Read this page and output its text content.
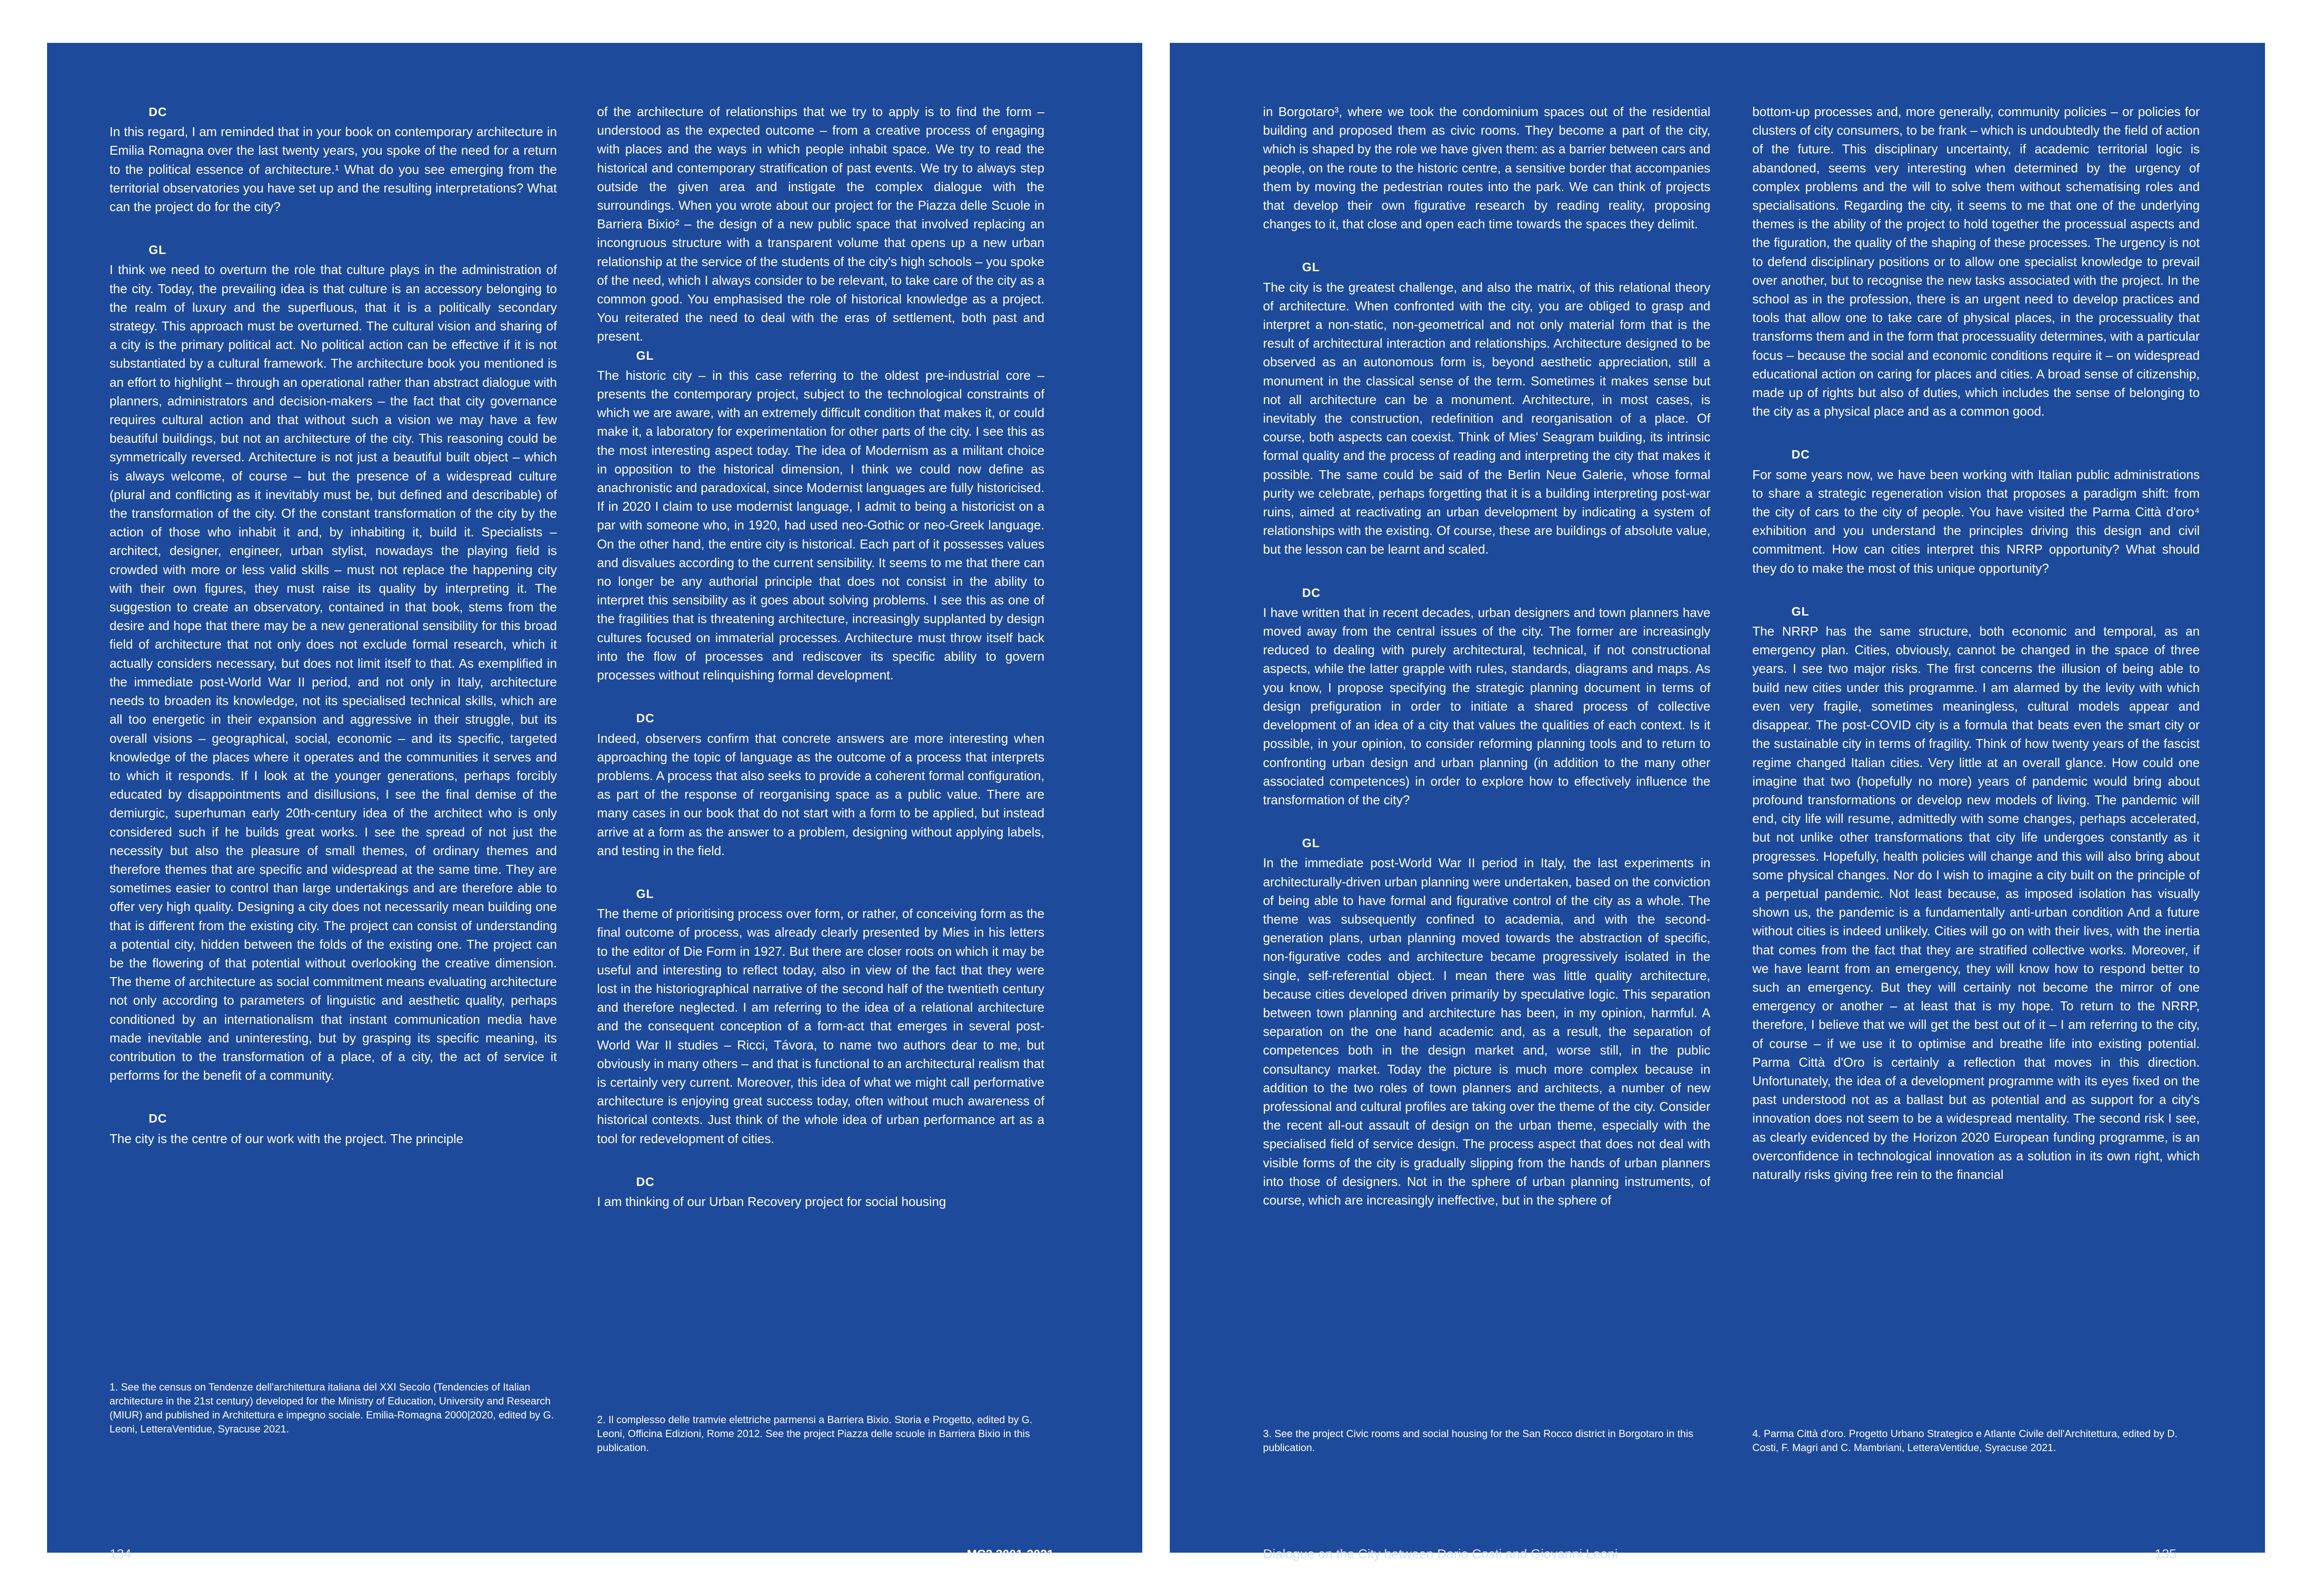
DC

In this regard, I am reminded that in your book on contemporary architecture in Emilia Romagna over the last twenty years, you spoke of the need for a return to the political essence of architecture.¹ What do you see emerging from the territorial observatories you have set up and the resulting interpretations? What can the project do for the city?

GL

I think we need to overturn the role that culture plays in the administration of the city. Today, the prevailing idea is that culture is an accessory belonging to the realm of luxury and the superfluous, that it is a politically secondary strategy. This approach must be overturned. The cultural vision and sharing of a city is the primary political act. No political action can be effective if it is not substantiated by a cultural framework. The architecture book you mentioned is an effort to highlight – through an operational rather than abstract dialogue with planners, administrators and decision-makers – the fact that city governance requires cultural action and that without such a vision we may have a few beautiful buildings, but not an architecture of the city. This reasoning could be symmetrically reversed. Architecture is not just a beautiful built object – which is always welcome, of course – but the presence of a widespread culture (plural and conflicting as it inevitably must be, but defined and describable) of the transformation of the city. Of the constant transformation of the city by the action of those who inhabit it and, by inhabiting it, build it. Specialists – architect, designer, engineer, urban stylist, nowadays the playing field is crowded with more or less valid skills – must not replace the happening city with their own figures, they must raise its quality by interpreting it. The suggestion to create an observatory, contained in that book, stems from the desire and hope that there may be a new generational sensibility for this broad field of architecture that not only does not exclude formal research, which it actually considers necessary, but does not limit itself to that. As exemplified in the immediate post-World War II period, and not only in Italy, architecture needs to broaden its knowledge, not its specialised technical skills, which are all too energetic in their expansion and aggressive in their struggle, but its overall visions – geographical, social, economic – and its specific, targeted knowledge of the places where it operates and the communities it serves and to which it responds. If I look at the younger generations, perhaps forcibly educated by disappointments and disillusions, I see the final demise of the demiurgic, superhuman early 20th-century idea of the architect who is only considered such if he builds great works. I see the spread of not just the necessity but also the pleasure of small themes, of ordinary themes and therefore themes that are specific and widespread at the same time. They are sometimes easier to control than large undertakings and are therefore able to offer very high quality. Designing a city does not necessarily mean building one that is different from the existing city. The project can consist of understanding a potential city, hidden between the folds of the existing one. The project can be the flowering of that potential without overlooking the creative dimension. The theme of architecture as social commitment means evaluating architecture not only according to parameters of linguistic and aesthetic quality, perhaps conditioned by an internationalism that instant communication media have made inevitable and uninteresting, but by grasping its specific meaning, its contribution to the transformation of a place, of a city, the act of service it performs for the benefit of a community.

DC

The city is the centre of our work with the project. The principle

of the architecture of relationships that we try to apply is to find the form – understood as the expected outcome – from a creative process of engaging with places and the ways in which people inhabit space. We try to read the historical and contemporary stratification of past events. We try to always step outside the given area and instigate the complex dialogue with the surroundings. When you wrote about our project for the Piazza delle Scuole in Barriera Bixio² – the design of a new public space that involved replacing an incongruous structure with a transparent volume that opens up a new urban relationship at the service of the students of the city's high schools – you spoke of the need, which I always consider to be relevant, to take care of the city as a common good. You emphasised the role of historical knowledge as a project. You reiterated the need to deal with the eras of settlement, both past and present.

GL

The historic city – in this case referring to the oldest pre-industrial core – presents the contemporary project, subject to the technological constraints of which we are aware, with an extremely difficult condition that makes it, or could make it, a laboratory for experimentation for other parts of the city. I see this as the most interesting aspect today. The idea of Modernism as a militant choice in opposition to the historical dimension, I think we could now define as anachronistic and paradoxical, since Modernist languages are fully historicised. If in 2020 I claim to use modernist language, I admit to being a historicist on a par with someone who, in 1920, had used neo-Gothic or neo-Greek language. On the other hand, the entire city is historical. Each part of it possesses values and disvalues according to the current sensibility. It seems to me that there can no longer be any authorial principle that does not consist in the ability to interpret this sensibility as it goes about solving problems. I see this as one of the fragilities that is threatening architecture, increasingly supplanted by design cultures focused on immaterial processes. Architecture must throw itself back into the flow of processes and rediscover its specific ability to govern processes without relinquishing formal development.

DC

Indeed, observers confirm that concrete answers are more interesting when approaching the topic of language as the outcome of a process that interprets problems. A process that also seeks to provide a coherent formal configuration, as part of the response of reorganising space as a public value. There are many cases in our book that do not start with a form to be applied, but instead arrive at a form as the answer to a problem, designing without applying labels, and testing in the field.

GL

The theme of prioritising process over form, or rather, of conceiving form as the final outcome of process, was already clearly presented by Mies in his letters to the editor of Die Form in 1927. But there are closer roots on which it may be useful and interesting to reflect today, also in view of the fact that they were lost in the historiographical narrative of the second half of the twentieth century and therefore neglected. I am referring to the idea of a relational architecture and the consequent conception of a form-act that emerges in several post-World War II studies – Ricci, Távora, to name two authors dear to me, but obviously in many others – and that is functional to an architectural realism that is certainly very current. Moreover, this idea of what we might call performative architecture is enjoying great success today, often without much awareness of historical contexts. Just think of the whole idea of urban performance art as a tool for redevelopment of cities.

DC

I am thinking of our Urban Recovery project for social housing

1. See the census on Tendenze dell'architettura italiana del XXI Secolo (Tendencies of Italian architecture in the 21st century) developed for the Ministry of Education, University and Research (MIUR) and published in Architettura e impegno sociale. Emilia-Romagna 2000|2020, edited by G. Leoni, LetteraVentidue, Syracuse 2021.
2. Il complesso delle tramvie elettriche parmensi a Barriera Bixio. Storia e Progetto, edited by G. Leoni, Officina Edizioni, Rome 2012. See the project Piazza delle scuole in Barriera Bixio in this publication.
134	MC2 2001-2021

in Borgotaro³, where we took the condominium spaces out of the residential building and proposed them as civic rooms. They become a part of the city, which is shaped by the role we have given them: as a barrier between cars and people, on the route to the historic centre, a sensitive border that accompanies them by moving the pedestrian routes into the park. We can think of projects that develop their own figurative research by reading reality, proposing changes to it, that close and open each time towards the spaces they delimit.

GL

The city is the greatest challenge, and also the matrix, of this relational theory of architecture. When confronted with the city, you are obliged to grasp and interpret a non-static, non-geometrical and not only material form that is the result of architectural interaction and relationships. Architecture designed to be observed as an autonomous form is, beyond aesthetic appreciation, still a monument in the classical sense of the term. Sometimes it makes sense but not all architecture can be a monument. Architecture, in most cases, is inevitably the construction, redefinition and reorganisation of a place. Of course, both aspects can coexist. Think of Mies' Seagram building, its intrinsic formal quality and the process of reading and interpreting the city that makes it possible. The same could be said of the Berlin Neue Galerie, whose formal purity we celebrate, perhaps forgetting that it is a building interpreting post-war ruins, aimed at reactivating an urban development by indicating a system of relationships with the existing. Of course, these are buildings of absolute value, but the lesson can be learnt and scaled.

DC

I have written that in recent decades, urban designers and town planners have moved away from the central issues of the city. The former are increasingly reduced to dealing with purely architectural, technical, if not constructional aspects, while the latter grapple with rules, standards, diagrams and maps. As you know, I propose specifying the strategic planning document in terms of design prefiguration in order to initiate a shared process of collective development of an idea of a city that values the qualities of each context. Is it possible, in your opinion, to consider reforming planning tools and to return to confronting urban design and urban planning (in addition to the many other associated competences) in order to explore how to effectively influence the transformation of the city?

GL

In the immediate post-World War II period in Italy, the last experiments in architecturally-driven urban planning were undertaken, based on the conviction of being able to have formal and figurative control of the city as a whole. The theme was subsequently confined to academia, and with the second-generation plans, urban planning moved towards the abstraction of specific, non-figurative codes and architecture became progressively isolated in the single, self-referential object. I mean there was little quality architecture, because cities developed driven primarily by speculative logic. This separation between town planning and architecture has been, in my opinion, harmful. A separation on the one hand academic and, as a result, the separation of competences both in the design market and, worse still, in the public consultancy market. Today the picture is much more complex because in addition to the two roles of town planners and architects, a number of new professional and cultural profiles are taking over the theme of the city. Consider the recent all-out assault of design on the urban theme, especially with the specialised field of service design. The process aspect that does not deal with visible forms of the city is gradually slipping from the hands of urban planners into those of designers. Not in the sphere of urban planning instruments, of course, which are increasingly ineffective, but in the sphere of

bottom-up processes and, more generally, community policies – or policies for clusters of city consumers, to be frank – which is undoubtedly the field of action of the future. This disciplinary uncertainty, if academic territorial logic is abandoned, seems very interesting when determined by the urgency of complex problems and the will to solve them without schematising roles and specialisations. Regarding the city, it seems to me that one of the underlying themes is the ability of the project to hold together the processual aspects and the figuration, the quality of the shaping of these processes. The urgency is not to defend disciplinary positions or to allow one specialist knowledge to prevail over another, but to recognise the new tasks associated with the project. In the school as in the profession, there is an urgent need to develop practices and tools that allow one to take care of physical places, in the processuality that transforms them and in the form that processuality determines, with a particular focus – because the social and economic conditions require it – on widespread educational action on caring for places and cities. A broad sense of citizenship, made up of rights but also of duties, which includes the sense of belonging to the city as a physical place and as a common good.

DC

For some years now, we have been working with Italian public administrations to share a strategic regeneration vision that proposes a paradigm shift: from the city of cars to the city of people. You have visited the Parma Città d'oro⁴ exhibition and you understand the principles driving this design and civil commitment. How can cities interpret this NRRP opportunity? What should they do to make the most of this unique opportunity?

GL

The NRRP has the same structure, both economic and temporal, as an emergency plan. Cities, obviously, cannot be changed in the space of three years. I see two major risks. The first concerns the illusion of being able to build new cities under this programme. I am alarmed by the levity with which even very fragile, sometimes meaningless, cultural models appear and disappear. The post-COVID city is a formula that beats even the smart city or the sustainable city in terms of fragility. Think of how twenty years of the fascist regime changed Italian cities. Very little at an overall glance. How could one imagine that two (hopefully no more) years of pandemic would bring about profound transformations or develop new models of living. The pandemic will end, city life will resume, admittedly with some changes, perhaps accelerated, but not unlike other transformations that city life undergoes constantly as it progresses. Hopefully, health policies will change and this will also bring about some physical changes. Nor do I wish to imagine a city built on the principle of a perpetual pandemic. Not least because, as imposed isolation has visually shown us, the pandemic is a fundamentally anti-urban condition And a future without cities is indeed unlikely. Cities will go on with their lives, with the inertia that comes from the fact that they are stratified collective works. Moreover, if we have learnt from an emergency, they will know how to respond better to such an emergency. But they will certainly not become the mirror of one emergency or another – at least that is my hope. To return to the NRRP, therefore, I believe that we will get the best out of it – I am referring to the city, of course – if we use it to optimise and breathe life into existing potential. Parma Città d'Oro is certainly a reflection that moves in this direction. Unfortunately, the idea of a development programme with its eyes fixed on the past understood not as a ballast but as potential and as support for a city's innovation does not seem to be a widespread mentality. The second risk I see, as clearly evidenced by the Horizon 2020 European funding programme, is an overconfidence in technological innovation as a solution in its own right, which naturally risks giving free rein to the financial

3. See the project Civic rooms and social housing for the San Rocco district in Borgotaro in this publication.
4. Parma Città d'oro. Progetto Urbano Strategico e Atlante Civile dell'Architettura, edited by D. Costi, F. Magri and C. Mambriani, LetteraVentidue, Syracuse 2021.
Dialogue on the City between Dario Costi and Giovanni Leoni	135
